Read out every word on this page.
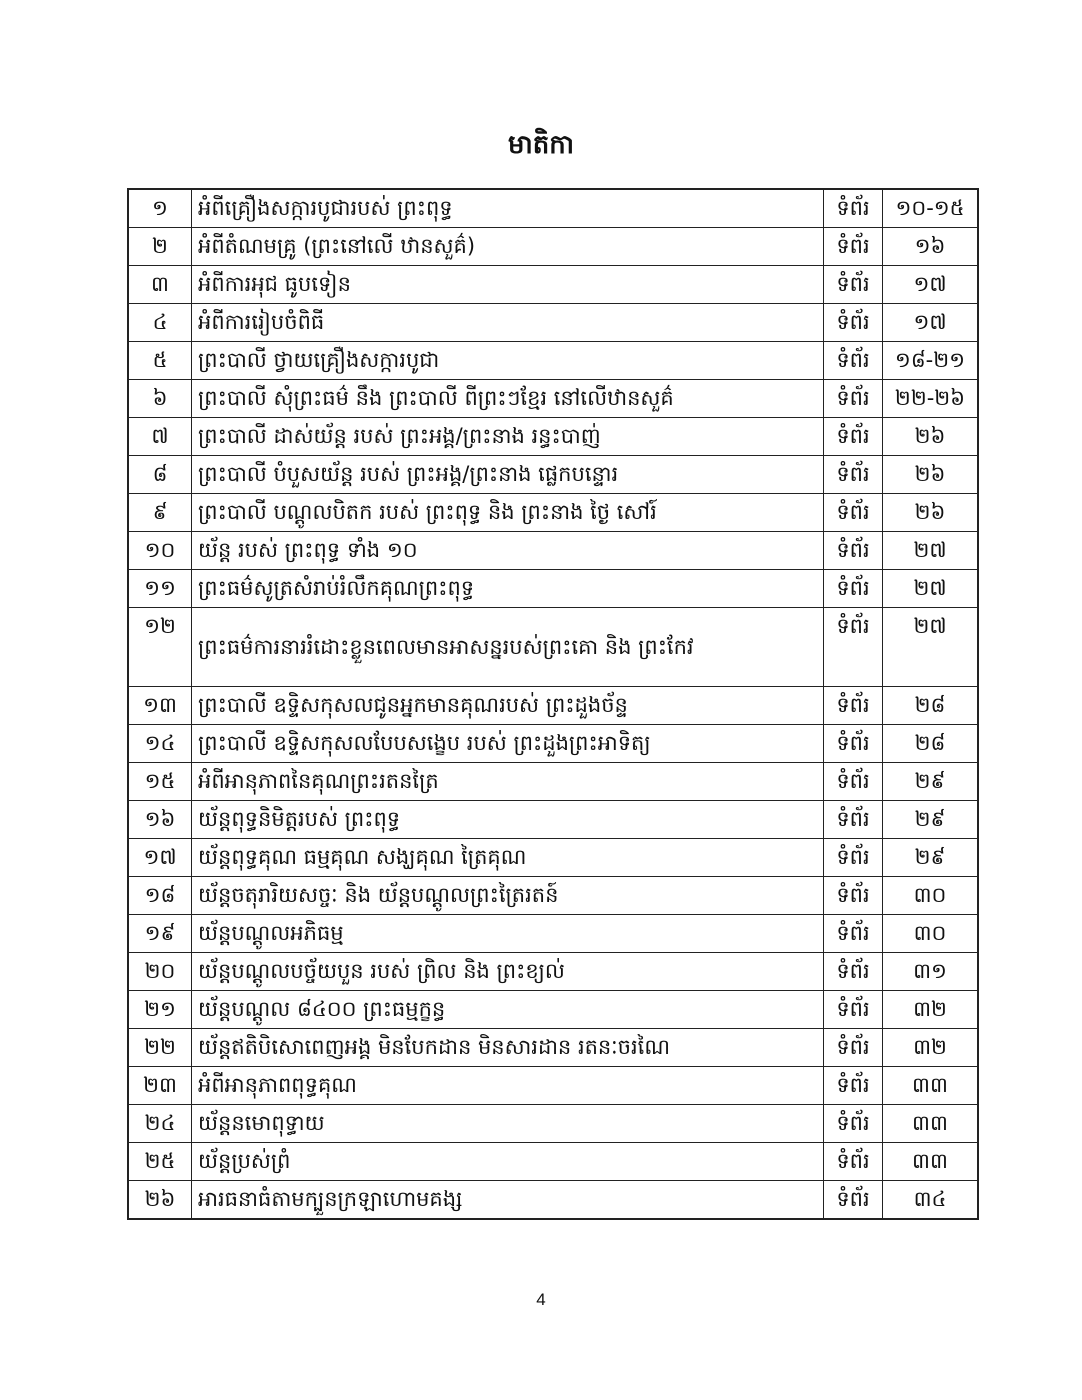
មាតិកា
១	អំពីគ្រឿងសក្ការបូជារបស់ ព្រះពុទ្ធ	ទំព័រ	១០-១៥
២	អំពីតំណមគ្រូ (ព្រះនៅលើ ឋានសួគ៌)	ទំព័រ	១៦
៣	អំពីការអុជ ធូបទៀន	ទំព័រ	១៧
៤	អំពីការរៀបចំពិធី	ទំព័រ	១៧
៥	ព្រះបាលី ថ្វាយគ្រឿងសក្ការបូជា	ទំព័រ	១៨-២១
៦	ព្រះបាលី សុំព្រះធម៌ នឹង ព្រះបាលី ពីព្រះៗខ្មែរ នៅលើឋានសួគ៌	ទំព័រ	២២-២៦
៧	ព្រះបាលី ដាស់យ័ន្ត របស់ ព្រះអង្គ/ព្រះនាង រន្ធះបាញ់	ទំព័រ	២៦
៨	ព្រះបាលី បំបួសយ័ន្ត របស់ ព្រះអង្គ/ព្រះនាង ផ្លេកបន្ទោរ	ទំព័រ	២៦
៩	ព្រះបាលី បណ្តូលបិតក របស់ ព្រះពុទ្ធ និង ព្រះនាង ថ្ងៃ សៅរ៍	ទំព័រ	២៦
១០	យ័ន្ត របស់ ព្រះពុទ្ធ ទាំង ១០	ទំព័រ	២៧
១១	ព្រះធម៌សូត្រសំរាប់រំលឹកគុណព្រះពុទ្ធ	ទំព័រ	២៧
១២	ព្រះធម៌ការនាររំដោះខ្លួនពេលមានអាសន្នរបស់ព្រះគោ និង ព្រះកែវ	ទំព័រ	២៧
១៣	ព្រះបាលី ឧទ្ទិសកុសលជូនអ្នកមានគុណរបស់ ព្រះដួងច័ន្ទ	ទំព័រ	២៨
១៤	ព្រះបាលី ឧទ្ទិសកុសលបែបសង្ខេប របស់ ព្រះដួងព្រះអាទិត្យ	ទំព័រ	២៨
១៥	អំពីអានុភាពនៃគុណព្រះរតនត្រៃ	ទំព័រ	២៩
១៦	យ័ន្តពុទ្ធនិមិត្តរបស់ ព្រះពុទ្ធ	ទំព័រ	២៩
១៧	យ័ន្តពុទ្ធគុណ ធម្មគុណ សង្ឃគុណ ត្រៃគុណ	ទំព័រ	២៩
១៨	យ័ន្តចតុរារិយសច្ចៈ និង យ័ន្តបណ្តូលព្រះត្រៃរតន៍	ទំព័រ	៣០
១៩	យ័ន្តបណ្តូលអភិធម្ម	ទំព័រ	៣០
២០	យ័ន្តបណ្តូលបច្ច័យបួន របស់ ព្រិល និង ព្រះខ្យល់	ទំព័រ	៣១
២១	យ័ន្តបណ្តូល ៨៤០០ ព្រះធម្មក្ខន្ធ	ទំព័រ	៣២
២២	យ័ន្តឥតិបិសោពេញអង្គ មិនបែកដាន មិនសារដាន រតនៈចរណៃ	ទំព័រ	៣២
២៣	អំពីអានុភាពពុទ្ធគុណ	ទំព័រ	៣៣
២៤	យ័ន្តនមោពុទ្ធាយ	ទំព័រ	៣៣
២៥	យ័ន្តប្រស់ព្រំ	ទំព័រ	៣៣
២៦	អារធនាធំតាមក្បួនក្រឡាហោមគង្ស	ទំព័រ	៣៤
4
